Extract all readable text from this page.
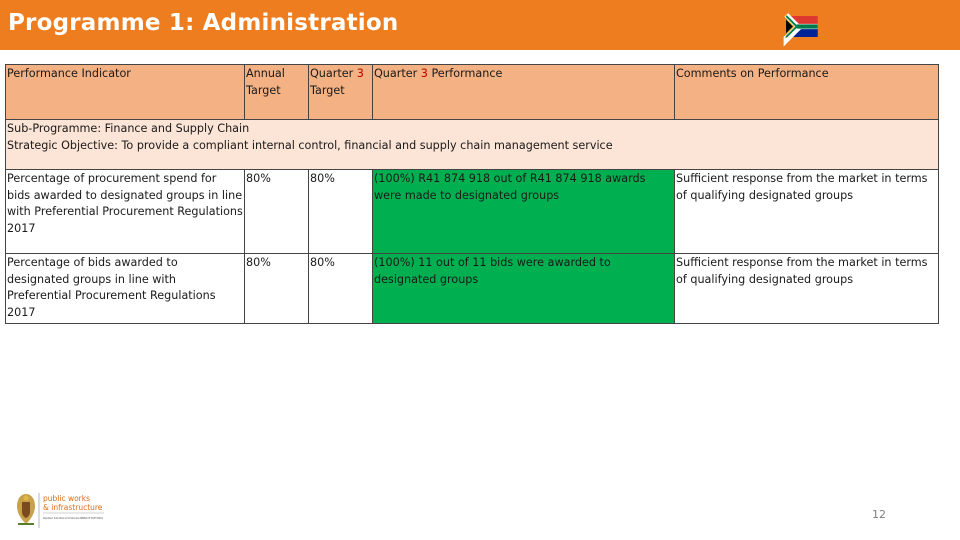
Programme 1: Administration
Performance Indicator	Annual Target	Quarter 3 Target	Quarter 3 Performance	Comments on Performance

Sub-Programme: Finance and Supply Chain
Strategic Objective: To provide a compliant internal control, financial and supply chain management service				

Percentage of procurement spend for bids awarded to designated groups in line with Preferential Procurement Regulations 2017	80%	80%	(100%) R41 874 918 out of R41 874 918 awards were made to designated groups	Sufficient response from the market in terms of qualifying designated groups
Percentage of bids awarded to designated groups in line with Preferential Procurement Regulations 2017	80%	80%	(100%) 11 out of 11 bids were awarded to designated groups	Sufficient response from the market in terms of qualifying designated groups
public works
& infrastructure
Department: Public Works and Infrastructure REPUBLIC OF SOUTH AFRICA	12
